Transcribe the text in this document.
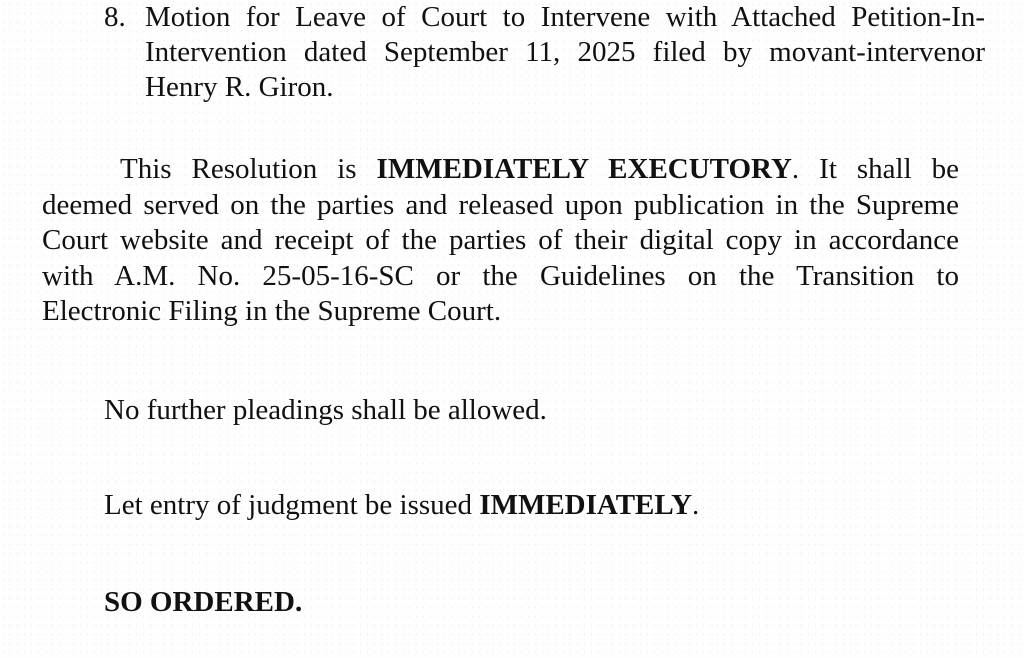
8. Motion for Leave of Court to Intervene with Attached Petition-In-
Intervention dated September 11, 2025 filed by movant-intervenor
Henry R. Giron.
This Resolution is IMMEDIATELY EXECUTORY. It shall be
deemed served on the parties and released upon publication in the Supreme
Court website and receipt of the parties of their digital copy in accordance
with A.M. No. 25-05-16-SC or the Guidelines on the Transition to
Electronic Filing in the Supreme Court.
No further pleadings shall be allowed.
Let entry of judgment be issued IMMEDIATELY.
SO ORDERED.
